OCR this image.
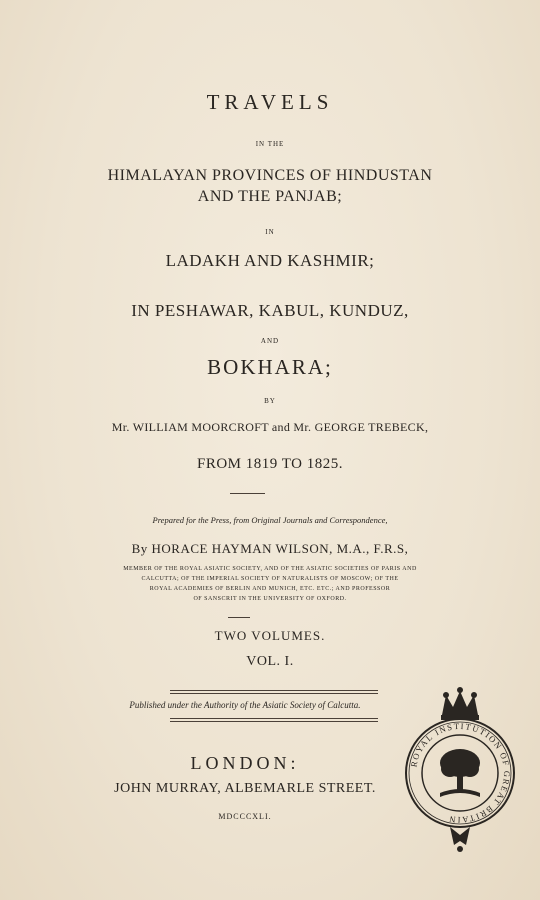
TRAVELS
IN THE
HIMALAYAN PROVINCES OF HINDUSTAN
AND THE PANJAB;
IN
LADAKH AND KASHMIR;
IN PESHAWAR, KABUL, KUNDUZ,
AND
BOKHARA;
BY
Mr. WILLIAM MOORCROFT and Mr. GEORGE TREBECK,
FROM 1819 TO 1825.
Prepared for the Press, from Original Journals and Correspondence,
By HORACE HAYMAN WILSON, M.A., F.R.S,
MEMBER OF THE ROYAL ASIATIC SOCIETY, AND OF THE ASIATIC SOCIETIES OF PARIS AND
CALCUTTA; OF THE IMPERIAL SOCIETY OF NATURALISTS OF MOSCOW; OF THE
ROYAL ACADEMIES OF BERLIN AND MUNICH, ETC. ETC.; AND PROFESSOR
OF SANSCRIT IN THE UNIVERSITY OF OXFORD.
TWO VOLUMES.
VOL. I.
Published under the Authority of the Asiatic Society of Calcutta.
LONDON:
JOHN MURRAY, ALBEMARLE STREET.
MDCCCXLI.
ROYAL INSTITUTION OF GREAT BRITAIN
